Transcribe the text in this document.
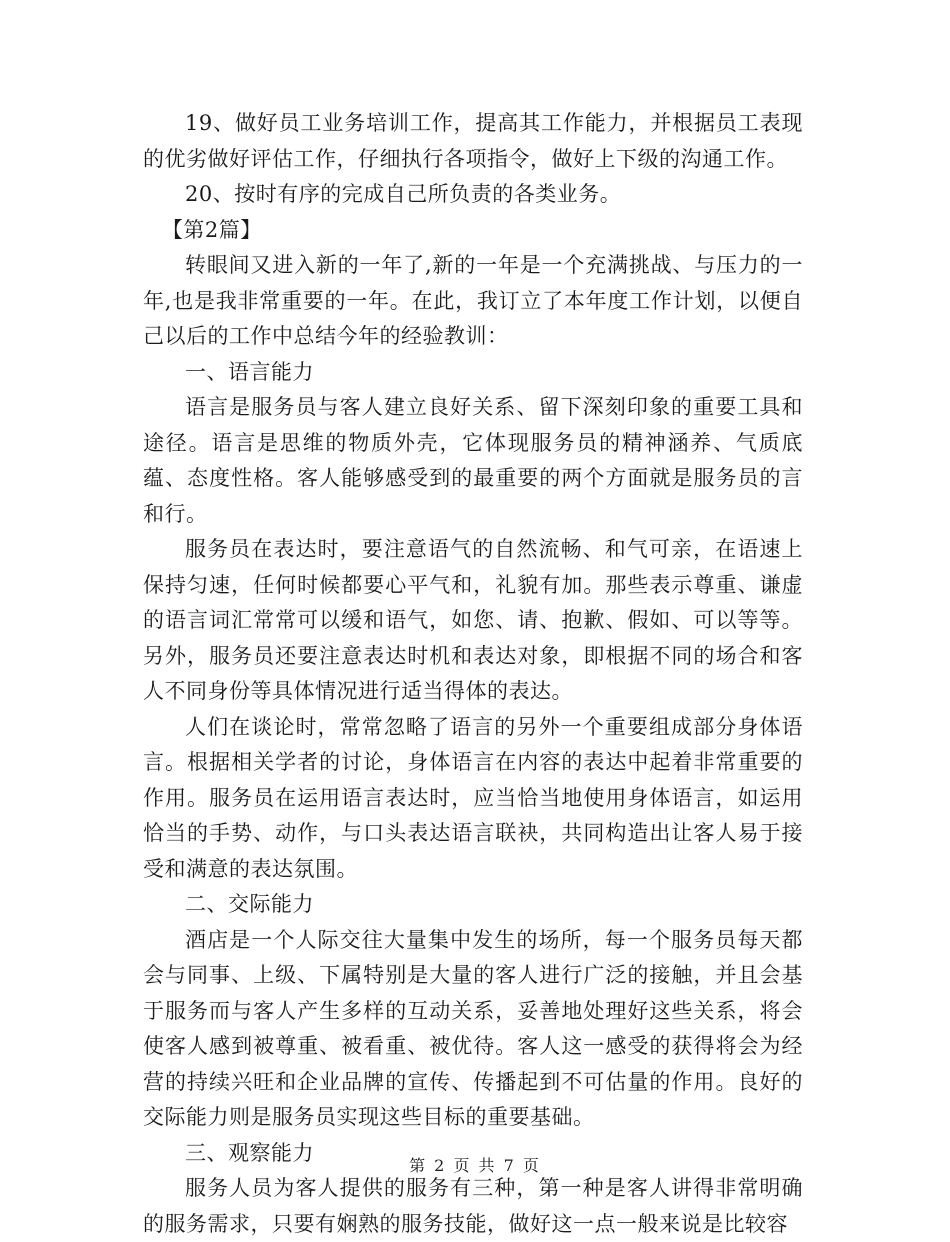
19、做好员工业务培训工作，提高其工作能力，并根据员工表现的优劣做好评估工作，仔细执行各项指令，做好上下级的沟通工作。

20、按时有序的完成自己所负责的各类业务。

【第2篇】

转眼间又进入新的一年了,新的一年是一个充满挑战、与压力的一年,也是我非常重要的一年。在此，我订立了本年度工作计划，以便自己以后的工作中总结今年的经验教训：

一、语言能力

语言是服务员与客人建立良好关系、留下深刻印象的重要工具和途径。语言是思维的物质外壳，它体现服务员的精神涵养、气质底蕴、态度性格。客人能够感受到的最重要的两个方面就是服务员的言和行。

服务员在表达时，要注意语气的自然流畅、和气可亲，在语速上保持匀速，任何时候都要心平气和，礼貌有加。那些表示尊重、谦虚的语言词汇常常可以缓和语气，如您、请、抱歉、假如、可以等等。另外，服务员还要注意表达时机和表达对象，即根据不同的场合和客人不同身份等具体情况进行适当得体的表达。

人们在谈论时，常常忽略了语言的另外一个重要组成部分身体语言。根据相关学者的讨论，身体语言在内容的表达中起着非常重要的作用。服务员在运用语言表达时，应当恰当地使用身体语言，如运用恰当的手势、动作，与口头表达语言联袂，共同构造出让客人易于接受和满意的表达氛围。

二、交际能力

酒店是一个人际交往大量集中发生的场所，每一个服务员每天都会与同事、上级、下属特别是大量的客人进行广泛的接触，并且会基于服务而与客人产生多样的互动关系，妥善地处理好这些关系，将会使客人感到被尊重、被看重、被优待。客人这一感受的获得将会为经营的持续兴旺和企业品牌的宣传、传播起到不可估量的作用。良好的交际能力则是服务员实现这些目标的重要基础。

三、观察能力

服务人员为客人提供的服务有三种，第一种是客人讲得非常明确的服务需求，只要有娴熟的服务技能，做好这一点一般来说是比较容

第 2 页 共 7 页
